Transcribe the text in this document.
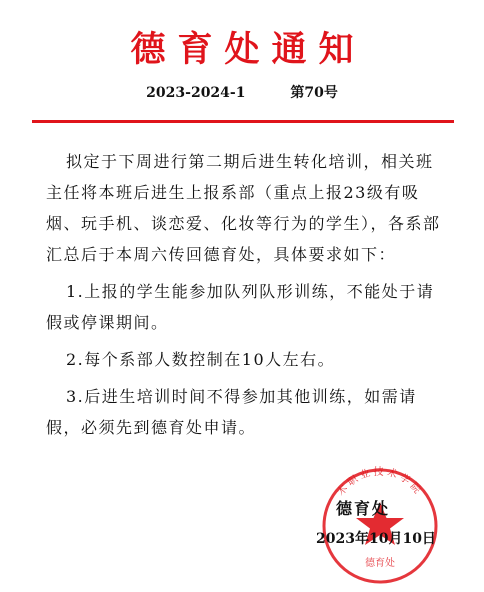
德育处通知
2023-2024-1	第70号

拟定于下周进行第二期后进生转化培训，相关班主任将本班后进生上报系部（重点上报23级有吸烟、玩手机、谈恋爱、化妆等行为的学生），各系部汇总后于本周六传回德育处，具体要求如下：

1.上报的学生能参加队列队形训练，不能处于请假或停课期间。

2.每个系部人数控制在10人左右。

3.后进生培训时间不得参加其他训练，如需请假，必须先到德育处申请。

木职业技术学院
德育处
德育处
2023年10月10日
